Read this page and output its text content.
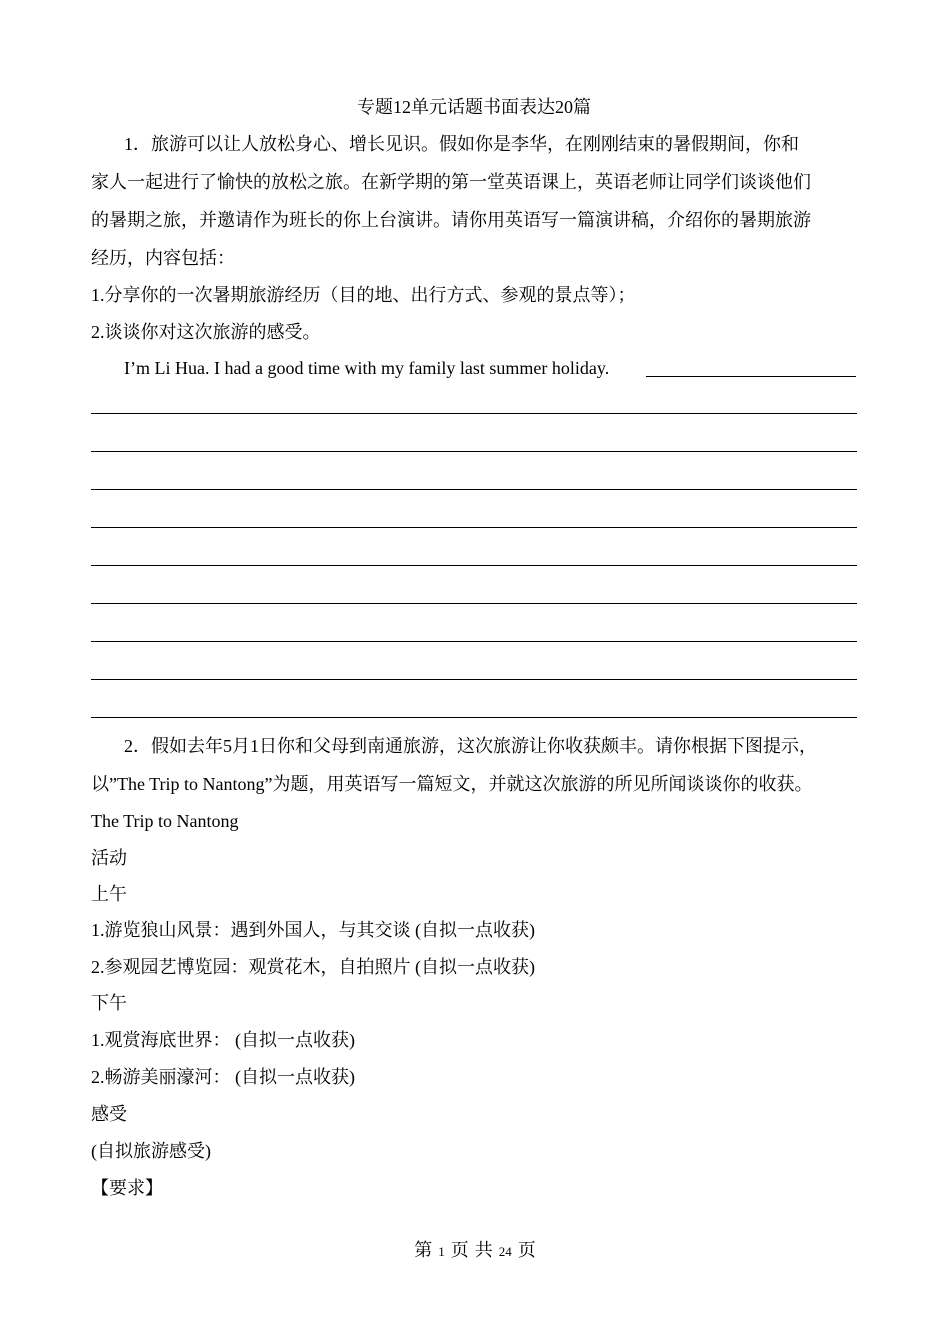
专题12单元话题书面表达20篇
1．旅游可以让人放松身心、增长见识。假如你是李华，在刚刚结束的暑假期间，你和
家人一起进行了愉快的放松之旅。在新学期的第一堂英语课上，英语老师让同学们谈谈他们
的暑期之旅，并邀请作为班长的你上台演讲。请你用英语写一篇演讲稿，介绍你的暑期旅游
经历，内容包括：
1.分享你的一次暑期旅游经历（目的地、出行方式、参观的景点等）；
2.谈谈你对这次旅游的感受。
I’m Li Hua. I had a good time with my family last summer holiday.
2．假如去年5月1日你和父母到南通旅游，这次旅游让你收获颇丰。请你根据下图提示，
以”The Trip to Nantong”为题，用英语写一篇短文，并就这次旅游的所见所闻谈谈你的收获。
The Trip to Nantong
活动
上午
1.游览狼山风景：遇到外国人，与其交谈 (自拟一点收获)
2.参观园艺博览园：观赏花木，自拍照片 (自拟一点收获)
下午
1.观赏海底世界： (自拟一点收获)
2.畅游美丽濠河： (自拟一点收获)
感受
(自拟旅游感受)
【要求】
第 1 页 共 24 页
